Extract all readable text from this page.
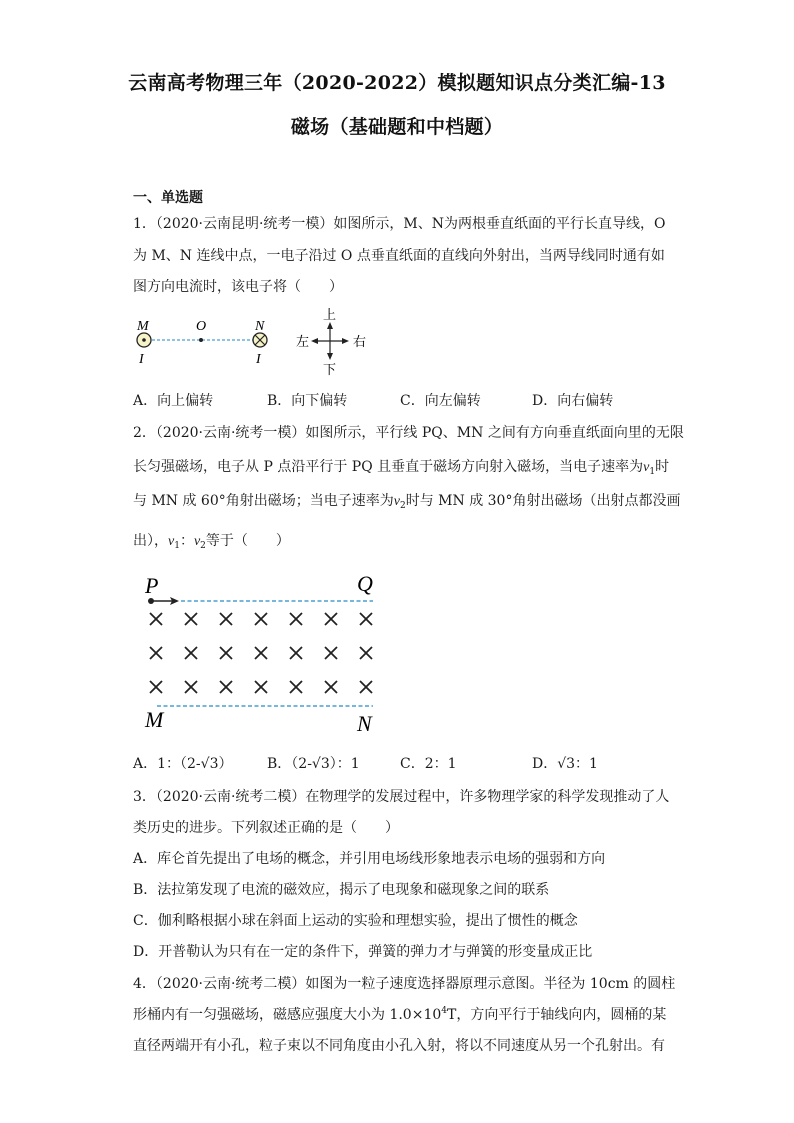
云南高考物理三年（2020-2022）模拟题知识点分类汇编-13
磁场（基础题和中档题）
一、单选题
1．（2020·云南昆明·统考一模）如图所示，M、N为两根垂直纸面的平行长直导线，O
为 M、N 连线中点，一电子沿过 O 点垂直纸面的直线向外射出，当两导线同时通有如
图方向电流时，该电子将（　　）
M	O	N
I	I
上
下
左	右
A．向上偏转	B．向下偏转	C．向左偏转	D．向右偏转
2．（2020·云南·统考一模）如图所示，平行线 PQ、MN 之间有方向垂直纸面向里的无限
长匀强磁场，电子从 P 点沿平行于 PQ 且垂直于磁场方向射入磁场，当电子速率为$v_1$时
与 MN 成 60°角射出磁场；当电子速率为$v_2$时与 MN 成 30°角射出磁场（出射点都没画
出），$v_1$：$v_2$等于（　　）
P	Q
M	N
A．1：（2-√3） B．（2-√3）：1	C．2：1	D．√3：1
3．（2020·云南·统考二模）在物理学的发展过程中，许多物理学家的科学发现推动了人
类历史的进步。下列叙述正确的是（　　）
A．库仑首先提出了电场的概念，并引用电场线形象地表示电场的强弱和方向
B．法拉第发现了电流的磁效应，揭示了电现象和磁现象之间的联系
C．伽利略根据小球在斜面上运动的实验和理想实验，提出了惯性的概念
D．开普勒认为只有在一定的条件下，弹簧的弹力才与弹簧的形变量成正比
4．（2020·云南·统考二模）如图为一粒子速度选择器原理示意图。半径为 10cm 的圆柱
形桶内有一匀强磁场，磁感应强度大小为 $1.0\times 10^4T$，方向平行于轴线向内，圆桶的某
直径两端开有小孔，粒子束以不同角度由小孔入射，将以不同速度从另一个孔射出。有
